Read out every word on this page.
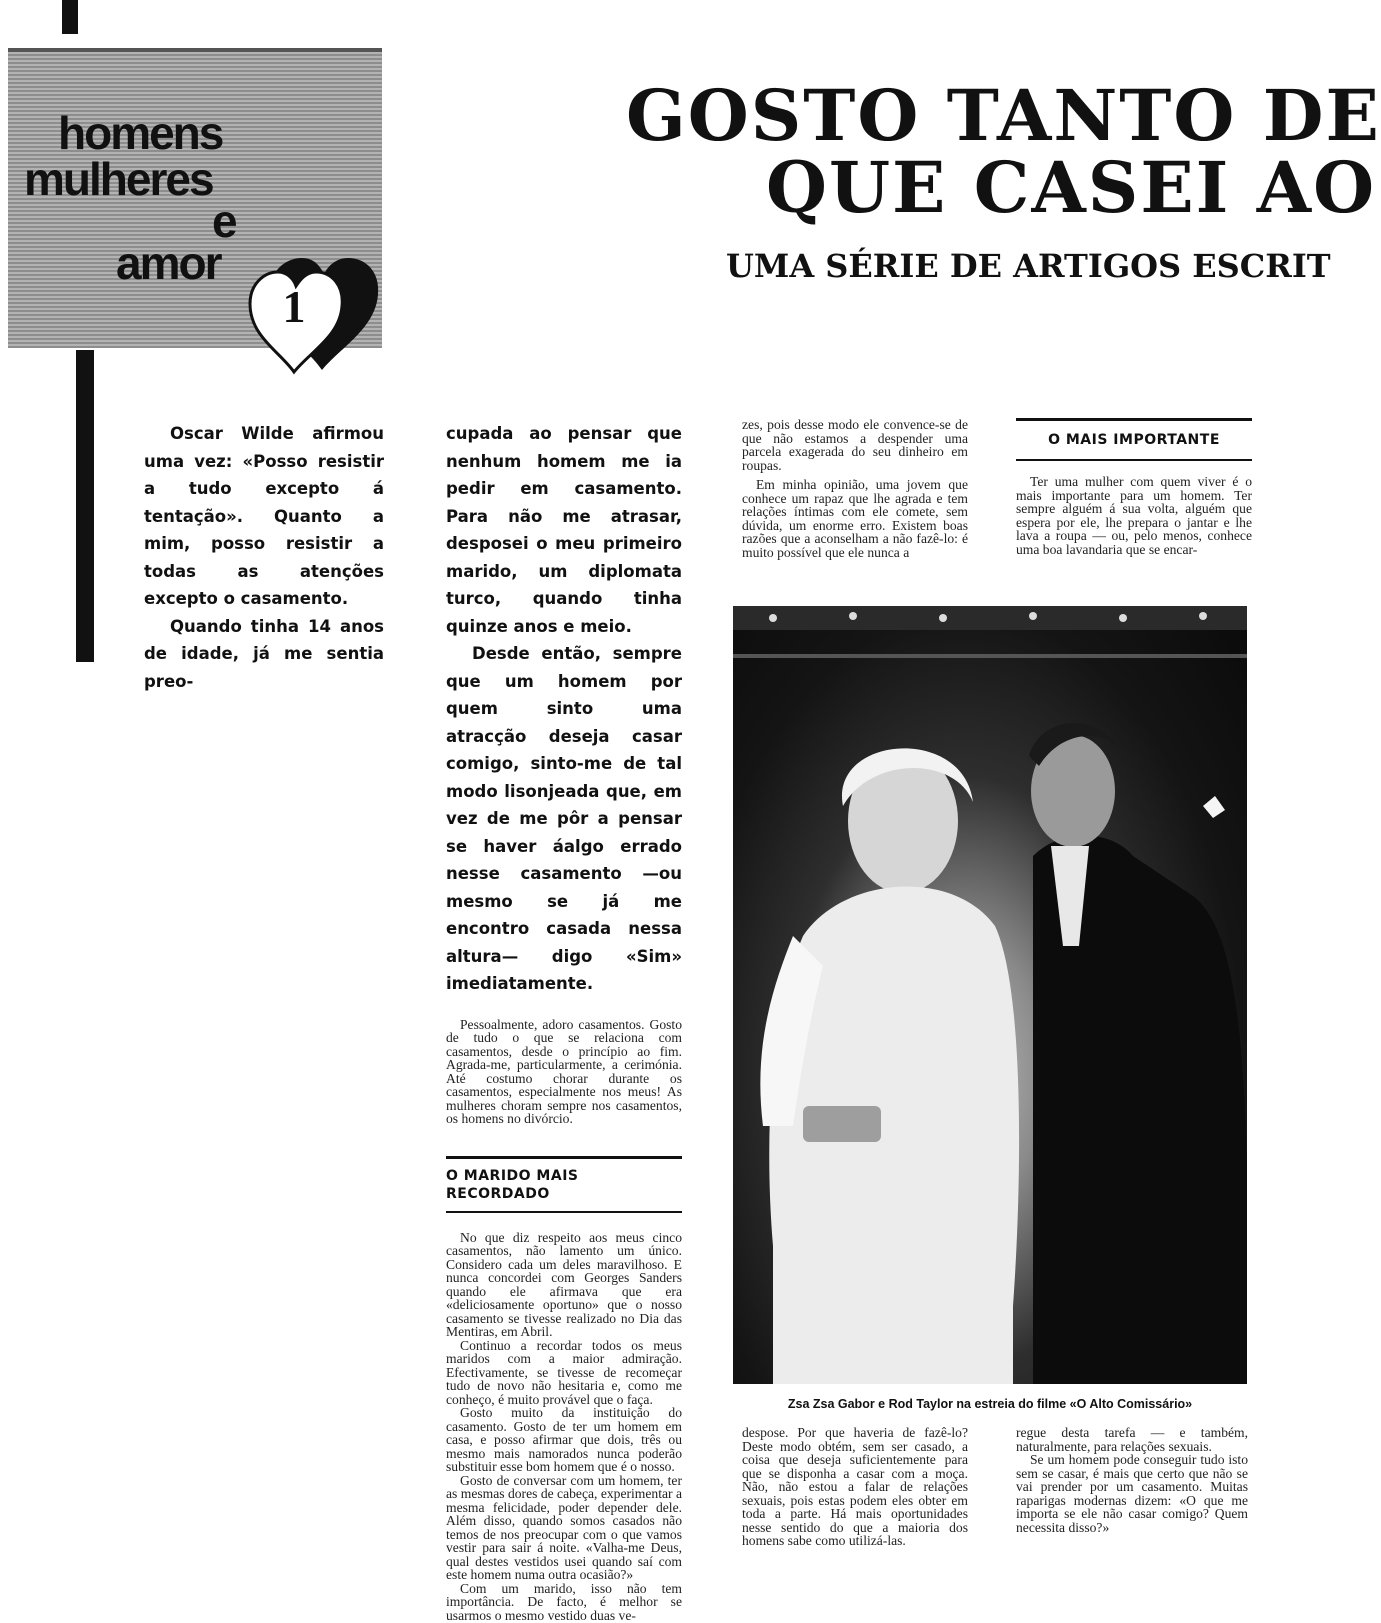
homens

mulheres

e

amor

1
GOSTO TANTO DE
QUE CASEI AO
UMA SÉRIE DE ARTIGOS ESCRIT

Oscar Wilde afirmou uma vez: «Posso resistir a tudo excepto á tentação». Quanto a mim, posso resistir a todas as atenções excepto o casamento.

Quando tinha 14 anos de idade, já me sentia preo-

cupada ao pensar que nenhum homem me ia pedir em casamento. Para não me atrasar, desposei o meu primeiro marido, um diplomata turco, quando tinha quinze anos e meio.

Desde então, sempre que um homem por quem sinto uma atracção deseja casar comigo, sinto-me de tal modo lisonjeada que, em vez de me pôr a pensar se haver áalgo errado nesse casamento —ou mesmo se já me encontro casada nessa altura— digo «Sim» imediatamente.

Pessoalmente, adoro casamentos. Gosto de tudo o que se relaciona com casamentos, desde o princípio ao fim. Agrada-me, particularmente, a cerimónia. Até costumo chorar durante os casamentos, especialmente nos meus! As mulheres choram sempre nos casamentos, os homens no divórcio.

O MARIDO MAIS RECORDADO

No que diz respeito aos meus cinco casamentos, não lamento um único. Considero cada um deles maravilhoso. E nunca concordei com Georges Sanders quando ele afirmava que era «deliciosamente oportuno» que o nosso casamento se tivesse realizado no Dia das Mentiras, em Abril.

Continuo a recordar todos os meus maridos com a maior admiração. Efectivamente, se tivesse de recomeçar tudo de novo não hesitaria e, como me conheço, é muito provável que o faça.

Gosto muito da instituição do casamento. Gosto de ter um homem em casa, e posso afirmar que dois, três ou mesmo mais namorados nunca poderão substituir esse bom homem que é o nosso.

Gosto de conversar com um homem, ter as mesmas dores de cabeça, experimentar a mesma felicidade, poder depender dele. Além disso, quando somos casados não temos de nos preocupar com o que vamos vestir para sair á noite. «Valha-me Deus, qual destes vestidos usei quando saí com este homem numa outra ocasião?»

Com um marido, isso não tem importância. De facto, é melhor se usarmos o mesmo vestido duas ve-

zes, pois desse modo ele convence-se de que não estamos a despender uma parcela exagerada do seu dinheiro em roupas.

Em minha opinião, uma jovem que conhece um rapaz que lhe agrada e tem relações íntimas com ele comete, sem dúvida, um enorme erro. Existem boas razões que a aconselham a não fazê-lo: é muito possível que ele nunca a

O MAIS IMPORTANTE

Ter uma mulher com quem viver é o mais importante para um homem. Ter sempre alguém á sua volta, alguém que espera por ele, lhe prepara o jantar e lhe lava a roupa — ou, pelo menos, conhece uma boa lavandaria que se encar-

Zsa Zsa Gabor e Rod Taylor na estreia do filme «O Alto Comissário»

despose. Por que haveria de fazê-lo? Deste modo obtém, sem ser casado, a coisa que deseja suficientemente para que se disponha a casar com a moça. Não, não estou a falar de relações sexuais, pois estas podem eles obter em toda a parte. Há mais oportunidades nesse sentido do que a maioria dos homens sabe como utilizá-las.

regue desta tarefa — e também, naturalmente, para relações sexuais.

Se um homem pode conseguir tudo isto sem se casar, é mais que certo que não se vai prender por um casamento. Muitas raparigas modernas dizem: «O que me importa se ele não casar comigo? Quem necessita disso?»
